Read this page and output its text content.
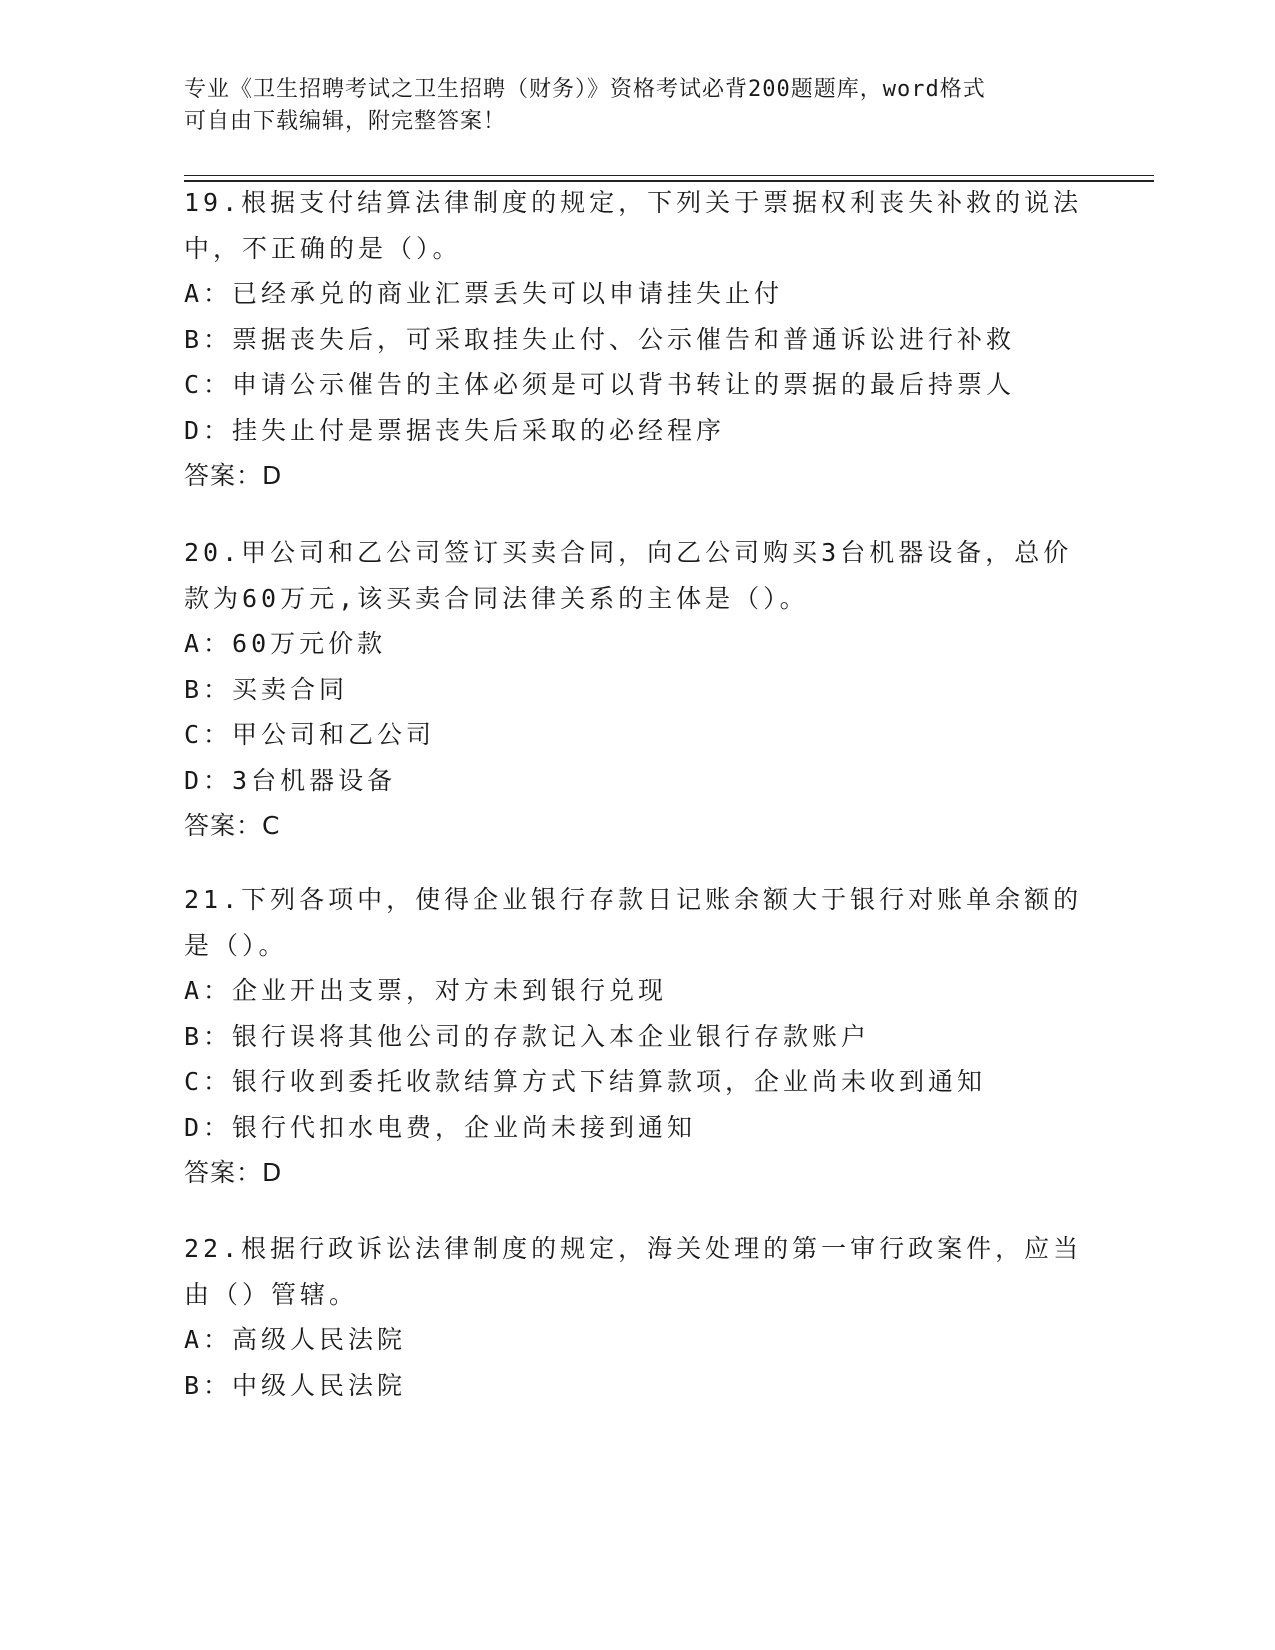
专业《卫生招聘考试之卫生招聘（财务）》资格考试必背200题题库，word格式
可自由下载编辑，附完整答案！
19.根据支付结算法律制度的规定，下列关于票据权利丧失补救的说法
中，不正确的是（）。
A：已经承兑的商业汇票丢失可以申请挂失止付
B：票据丧失后，可采取挂失止付、公示催告和普通诉讼进行补救
C：申请公示催告的主体必须是可以背书转让的票据的最后持票人
D：挂失止付是票据丧失后采取的必经程序
答案：D
20.甲公司和乙公司签订买卖合同，向乙公司购买3台机器设备，总价
款为60万元,该买卖合同法律关系的主体是（）。
A：60万元价款
B：买卖合同
C：甲公司和乙公司
D：3台机器设备
答案：C
21.下列各项中，使得企业银行存款日记账余额大于银行对账单余额的
是（）。
A：企业开出支票，对方未到银行兑现
B：银行误将其他公司的存款记入本企业银行存款账户
C：银行收到委托收款结算方式下结算款项，企业尚未收到通知
D：银行代扣水电费，企业尚未接到通知
答案：D
22.根据行政诉讼法律制度的规定，海关处理的第一审行政案件，应当
由（）管辖。
A：高级人民法院
B：中级人民法院
